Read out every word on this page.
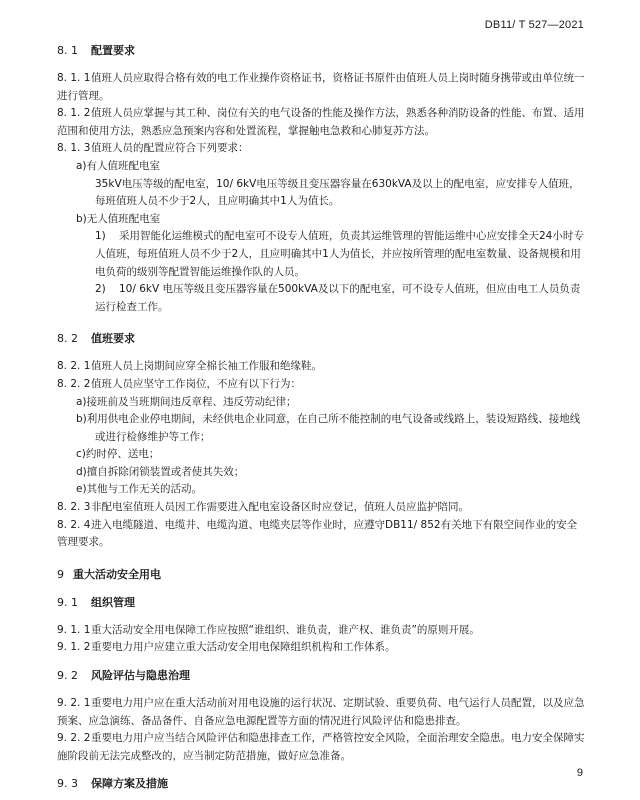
DB11/ T 527—2021
8. 1 配置要求
8. 1. 1值班人员应取得合格有效的电工作业操作资格证书，资格证书原件由值班人员上岗时随身携带或由单位统一进行管理。
8. 1. 2值班人员应掌握与其工种、岗位有关的电气设备的性能及操作方法，熟悉各种消防设备的性能、布置、适用范围和使用方法，熟悉应急预案内容和处置流程，掌握触电急救和心肺复苏方法。
8. 1. 3值班人员的配置应符合下列要求：
a)有人值班配电室
35kV电压等级的配电室，10/ 6kV电压等级且变压器容量在630kVA及以上的配电室，应安排专人值班，每班值班人员不少于2人，且应明确其中1人为值长。
b)无人值班配电室
1) 采用智能化运维模式的配电室可不设专人值班，负责其运维管理的智能运维中心应安排全天24小时专人值班，每班值班人员不少于2人，且应明确其中1人为值长，并应按所管理的配电室数量、设备规模和用电负荷的级别等配置智能运维操作队的人员。
2) 10/ 6kV 电压等级且变压器容量在500kVA及以下的配电室，可不设专人值班，但应由电工人员负责运行检查工作。
8. 2 值班要求
8. 2. 1值班人员上岗期间应穿全棉长袖工作服和绝缘鞋。
8. 2. 2值班人员应坚守工作岗位，不应有以下行为：
a)接班前及当班期间违反章程、违反劳动纪律；
b)利用供电企业停电期间，未经供电企业同意，在自己所不能控制的电气设备或线路上，装设短路线、接地线或进行检修维护等工作；
c)约时停、送电；
d)擅自拆除闭锁装置或者使其失效；
e)其他与工作无关的活动。
8. 2. 3非配电室值班人员因工作需要进入配电室设备区时应登记，值班人员应监护陪同。
8. 2. 4进入电缆隧道、电缆井、电缆沟道、电缆夹层等作业时，应遵守DB11/ 852有关地下有限空间作业的安全管理要求。
9 重大活动安全用电
9. 1 组织管理
9. 1. 1重大活动安全用电保障工作应按照“谁组织、谁负责，谁产权、谁负责”的原则开展。
9. 1. 2重要电力用户应建立重大活动安全用电保障组织机构和工作体系。
9. 2 风险评估与隐患治理
9. 2. 1重要电力用户应在重大活动前对用电设施的运行状况、定期试验、重要负荷、电气运行人员配置，以及应急预案、应急演练、备品备件、自备应急电源配置等方面的情况进行风险评估和隐患排查。
9. 2. 2重要电力用户应当结合风险评估和隐患排查工作，严格管控安全风险，全面治理安全隐患。电力安全保障实施阶段前无法完成整改的，应当制定防范措施，做好应急准备。
9. 3 保障方案及措施
9
